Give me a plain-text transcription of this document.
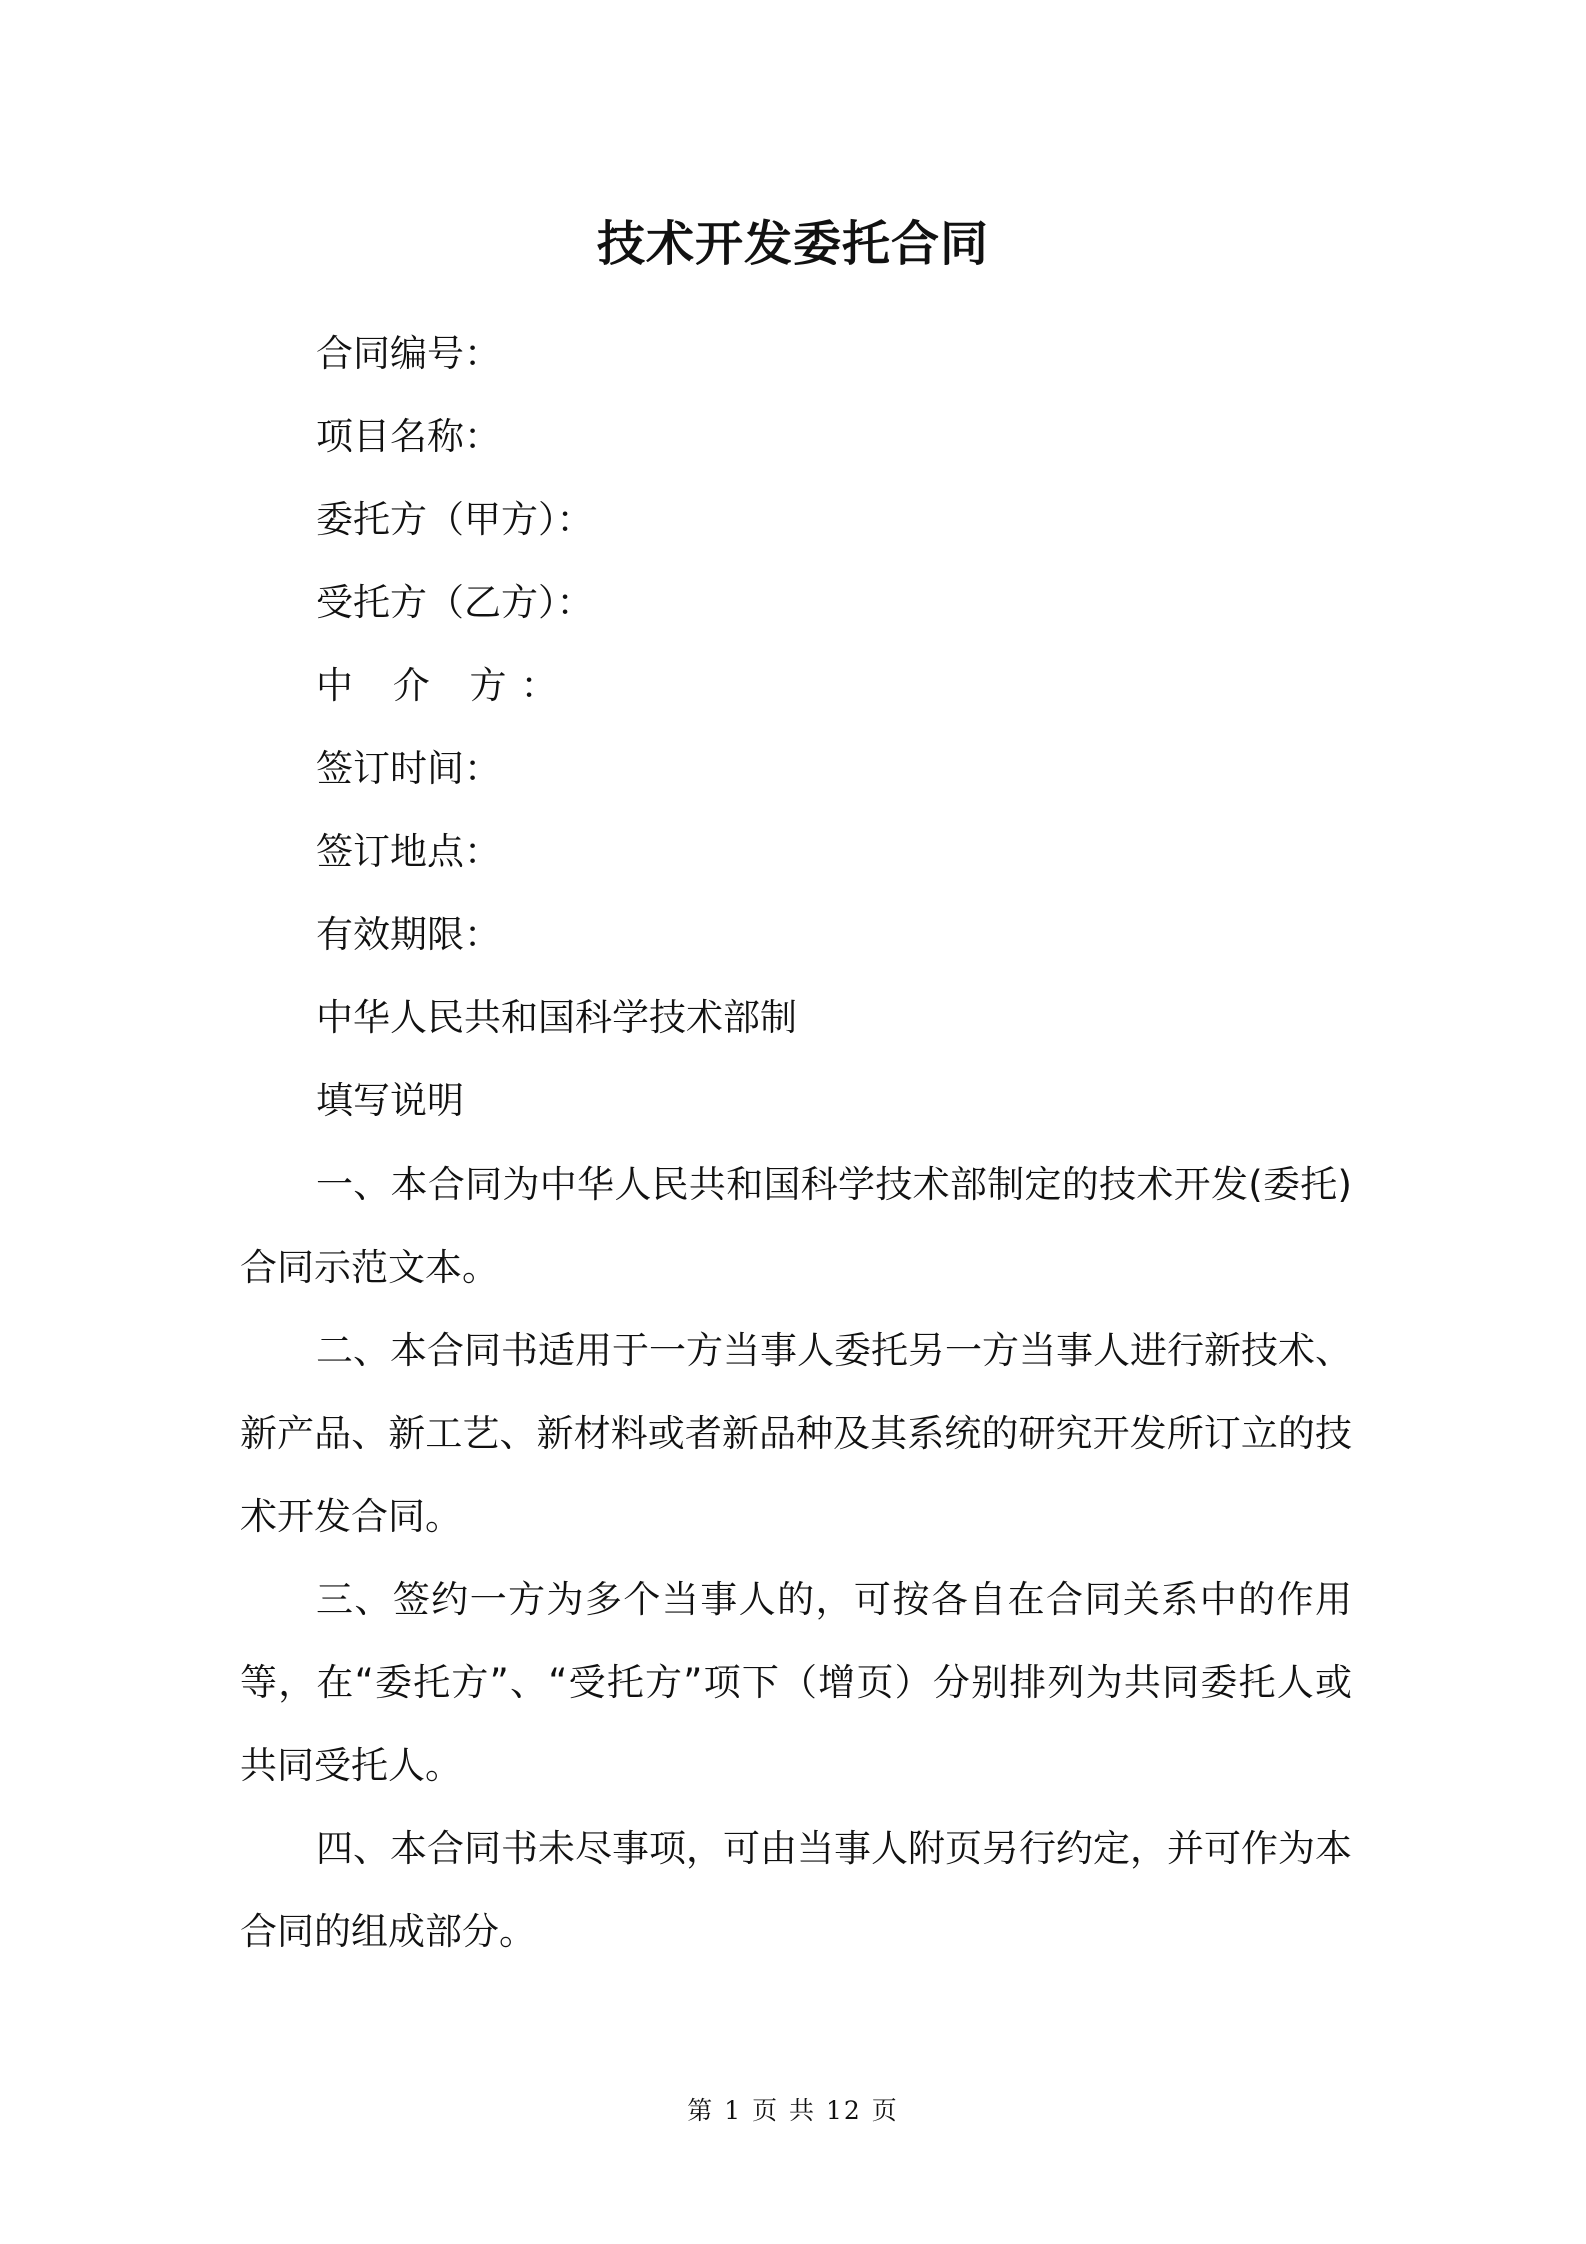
技术开发委托合同
合同编号：
项目名称：
委托方（甲方）：
受托方（乙方）：
中 介 方：
签订时间：
签订地点：
有效期限：
中华人民共和国科学技术部制
填写说明

一、本合同为中华人民共和国科学技术部制定的技术开发(委托)合同示范文本。

二、本合同书适用于一方当事人委托另一方当事人进行新技术、新产品、新工艺、新材料或者新品种及其系统的研究开发所订立的技术开发合同。

三、签约一方为多个当事人的，可按各自在合同关系中的作用等，在“委托方”、“受托方”项下（增页）分别排列为共同委托人或共同受托人。

四、本合同书未尽事项，可由当事人附页另行约定，并可作为本合同的组成部分。

第 1 页 共 12 页
